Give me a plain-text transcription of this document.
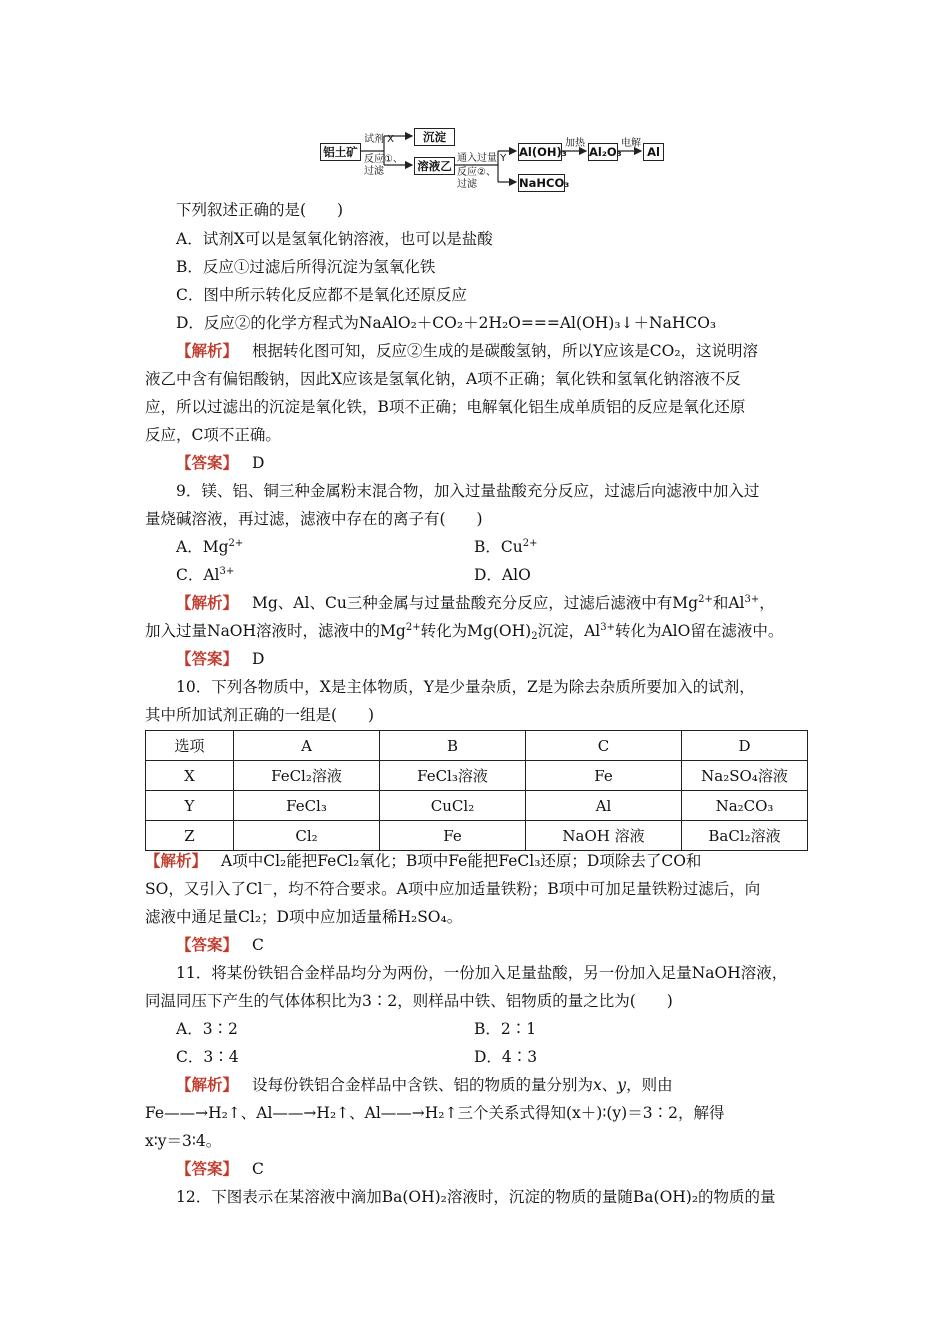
铝土矿
试剂 X
反应①、
过滤
沉淀
溶液乙
通入过量 Y
反应②、
过滤
Al(OH)₃
加热
Al₂O₃
电解
Al
NaHCO₃
下列叙述正确的是(　　)
A．试剂X可以是氢氧化钠溶液，也可以是盐酸
B．反应①过滤后所得沉淀为氢氧化铁
C．图中所示转化反应都不是氧化还原反应
D．反应②的化学方程式为NaAlO₂＋CO₂＋2H₂O===Al(OH)₃↓＋NaHCO₃
【解析】 根据转化图可知，反应②生成的是碳酸氢钠，所以Y应该是CO₂，这说明溶
液乙中含有偏铝酸钠，因此X应该是氢氧化钠，A项不正确；氧化铁和氢氧化钠溶液不反
应，所以过滤出的沉淀是氧化铁，B项不正确；电解氧化铝生成单质铝的反应是氧化还原
反应，C项不正确。
【答案】 D
9．镁、铝、铜三种金属粉末混合物，加入过量盐酸充分反应，过滤后向滤液中加入过
量烧碱溶液，再过滤，滤液中存在的离子有(　　)
A．$Mg^{2+}$	B．$Cu^{2+}$
C．$Al^{3+}$	D．AlO
【解析】 Mg、Al、Cu三种金属与过量盐酸充分反应，过滤后滤液中有$Mg^{2+}$和$Al^{3+}$，
加入过量NaOH溶液时，滤液中的$Mg^{2+}$转化为$Mg(OH)_2$沉淀，$Al^{3+}$转化为AlO留在滤液中。
【答案】 D
10．下列各物质中，X是主体物质，Y是少量杂质，Z是为除去杂质所要加入的试剂，
其中所加试剂正确的一组是(　　)
选项	A	B	C	D
X	FeCl₂溶液	FeCl₃溶液	Fe	Na₂SO₄溶液
Y	FeCl₃	CuCl₂	Al	Na₂CO₃
Z	Cl₂	Fe	NaOH 溶液	BaCl₂溶液
【解析】 A项中Cl₂能把FeCl₂氧化；B项中Fe能把FeCl₃还原；D项除去了CO和
SO，又引入了Cl－，均不符合要求。A项中应加适量铁粉；B项中可加足量铁粉过滤后，向
滤液中通足量Cl₂；D项中应加适量稀H₂SO₄。
【答案】 C
11．将某份铁铝合金样品均分为两份，一份加入足量盐酸，另一份加入足量NaOH溶液，
同温同压下产生的气体体积比为3∶2，则样品中铁、铝物质的量之比为(　　)
A．3∶2	B．2∶1
C．3∶4	D．4∶3
【解析】 设每份铁铝合金样品中含铁、铝的物质的量分别为x、y，则由
Fe——→H₂↑、Al——→H₂↑、Al——→H₂↑三个关系式得知(x＋)∶(y)＝3∶2，解得
x∶y＝3∶4。
【答案】 C
12．下图表示在某溶液中滴加Ba(OH)₂溶液时，沉淀的物质的量随Ba(OH)₂的物质的量
